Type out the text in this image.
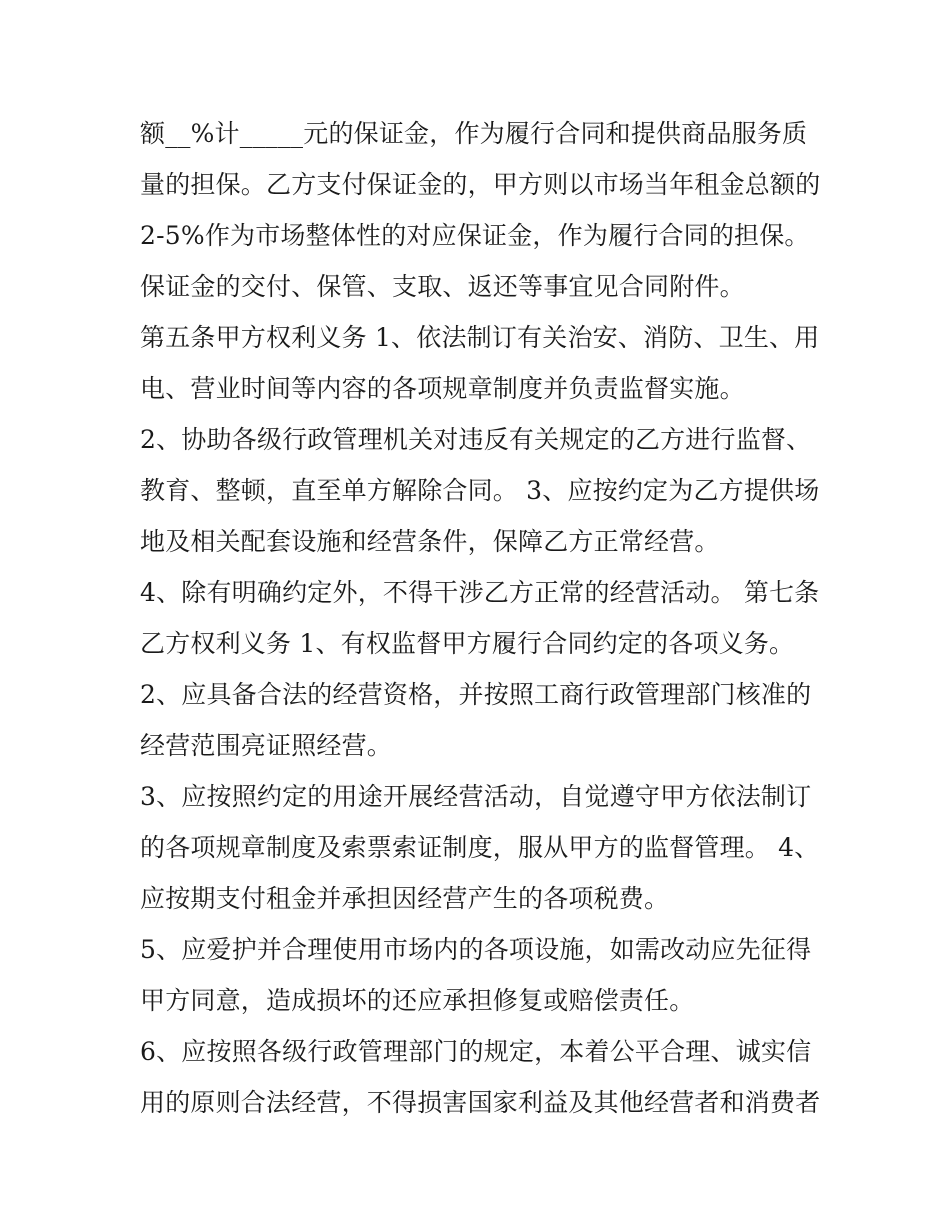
额__%计_____元的保证金，作为履行合同和提供商品服务质
量的担保。乙方支付保证金的，甲方则以市场当年租金总额的
2-5%作为市场整体性的对应保证金，作为履行合同的担保。
保证金的交付、保管、支取、返还等事宜见合同附件。
第五条甲方权利义务 1、依法制订有关治安、消防、卫生、用
电、营业时间等内容的各项规章制度并负责监督实施。
2、协助各级行政管理机关对违反有关规定的乙方进行监督、
教育、整顿，直至单方解除合同。 3、应按约定为乙方提供场
地及相关配套设施和经营条件，保障乙方正常经营。
4、除有明确约定外，不得干涉乙方正常的经营活动。 第七条
乙方权利义务 1、有权监督甲方履行合同约定的各项义务。
2、应具备合法的经营资格，并按照工商行政管理部门核准的
经营范围亮证照经营。
3、应按照约定的用途开展经营活动，自觉遵守甲方依法制订
的各项规章制度及索票索证制度，服从甲方的监督管理。 4、
应按期支付租金并承担因经营产生的各项税费。
5、应爱护并合理使用市场内的各项设施，如需改动应先征得
甲方同意，造成损坏的还应承担修复或赔偿责任。
6、应按照各级行政管理部门的规定，本着公平合理、诚实信
用的原则合法经营，不得损害国家利益及其他经营者和消费者
